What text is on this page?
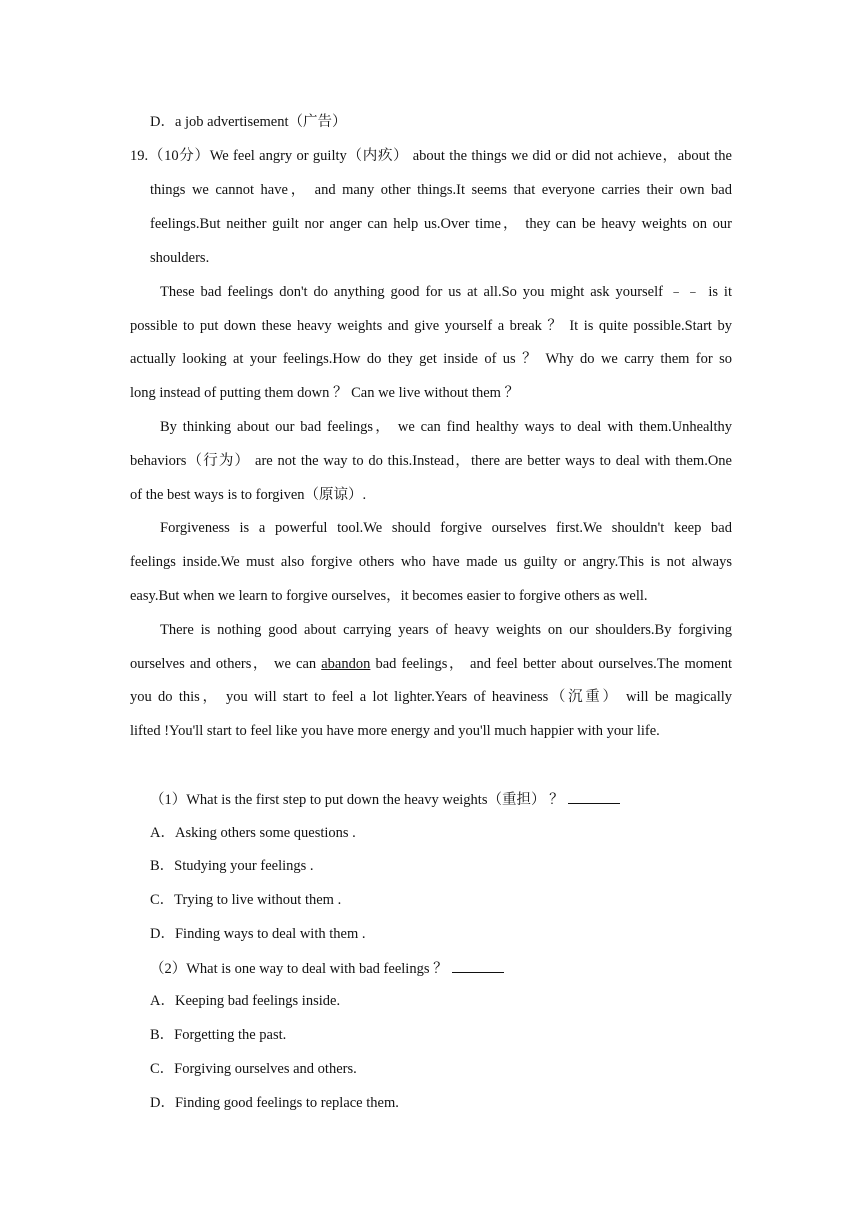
D．a job advertisement（广告）
19.（10分）We feel angry or guilty（内疚） about the things we did or did not achieve，about the
things we cannot have， and many other things.It seems that everyone carries their own bad
feelings.But neither guilt nor anger can help us.Over time， they can be heavy weights on our
shoulders.
These bad feelings don't do anything good for us at all.So you might ask yourself ﹣﹣ is it
possible to put down these heavy weights and give yourself a break ？ It is quite possible.Start by
actually looking at your feelings.How do they get inside of us ？ Why do we carry them for so
long instead of putting them down ？ Can we live without them ？
By thinking about our bad feelings， we can find healthy ways to deal with them.Unhealthy
behaviors（行为） are not the way to do this.Instead，there are better ways to deal with them.One
of the best ways is to forgiven（原谅）.
Forgiveness is a powerful tool.We should forgive ourselves first.We shouldn't keep bad
feelings inside.We must also forgive others who have made us guilty or angry.This is not always
easy.But when we learn to forgive ourselves，it becomes easier to forgive others as well.
There is nothing good about carrying years of heavy weights on our shoulders.By forgiving
ourselves and others， we can abandon bad feelings， and feel better about ourselves.The moment
you do this， you will start to feel a lot lighter.Years of heaviness（沉重） will be magically
lifted !You'll start to feel like you have more energy and you'll much happier with your life.
（1）What is the first step to put down the heavy weights（重担） ？
A．Asking others some questions .
B．Studying your feelings .
C．Trying to live without them .
D．Finding ways to deal with them .
（2）What is one way to deal with bad feelings ？
A．Keeping bad feelings inside.
B．Forgetting the past.
C．Forgiving ourselves and others.
D．Finding good feelings to replace them.
